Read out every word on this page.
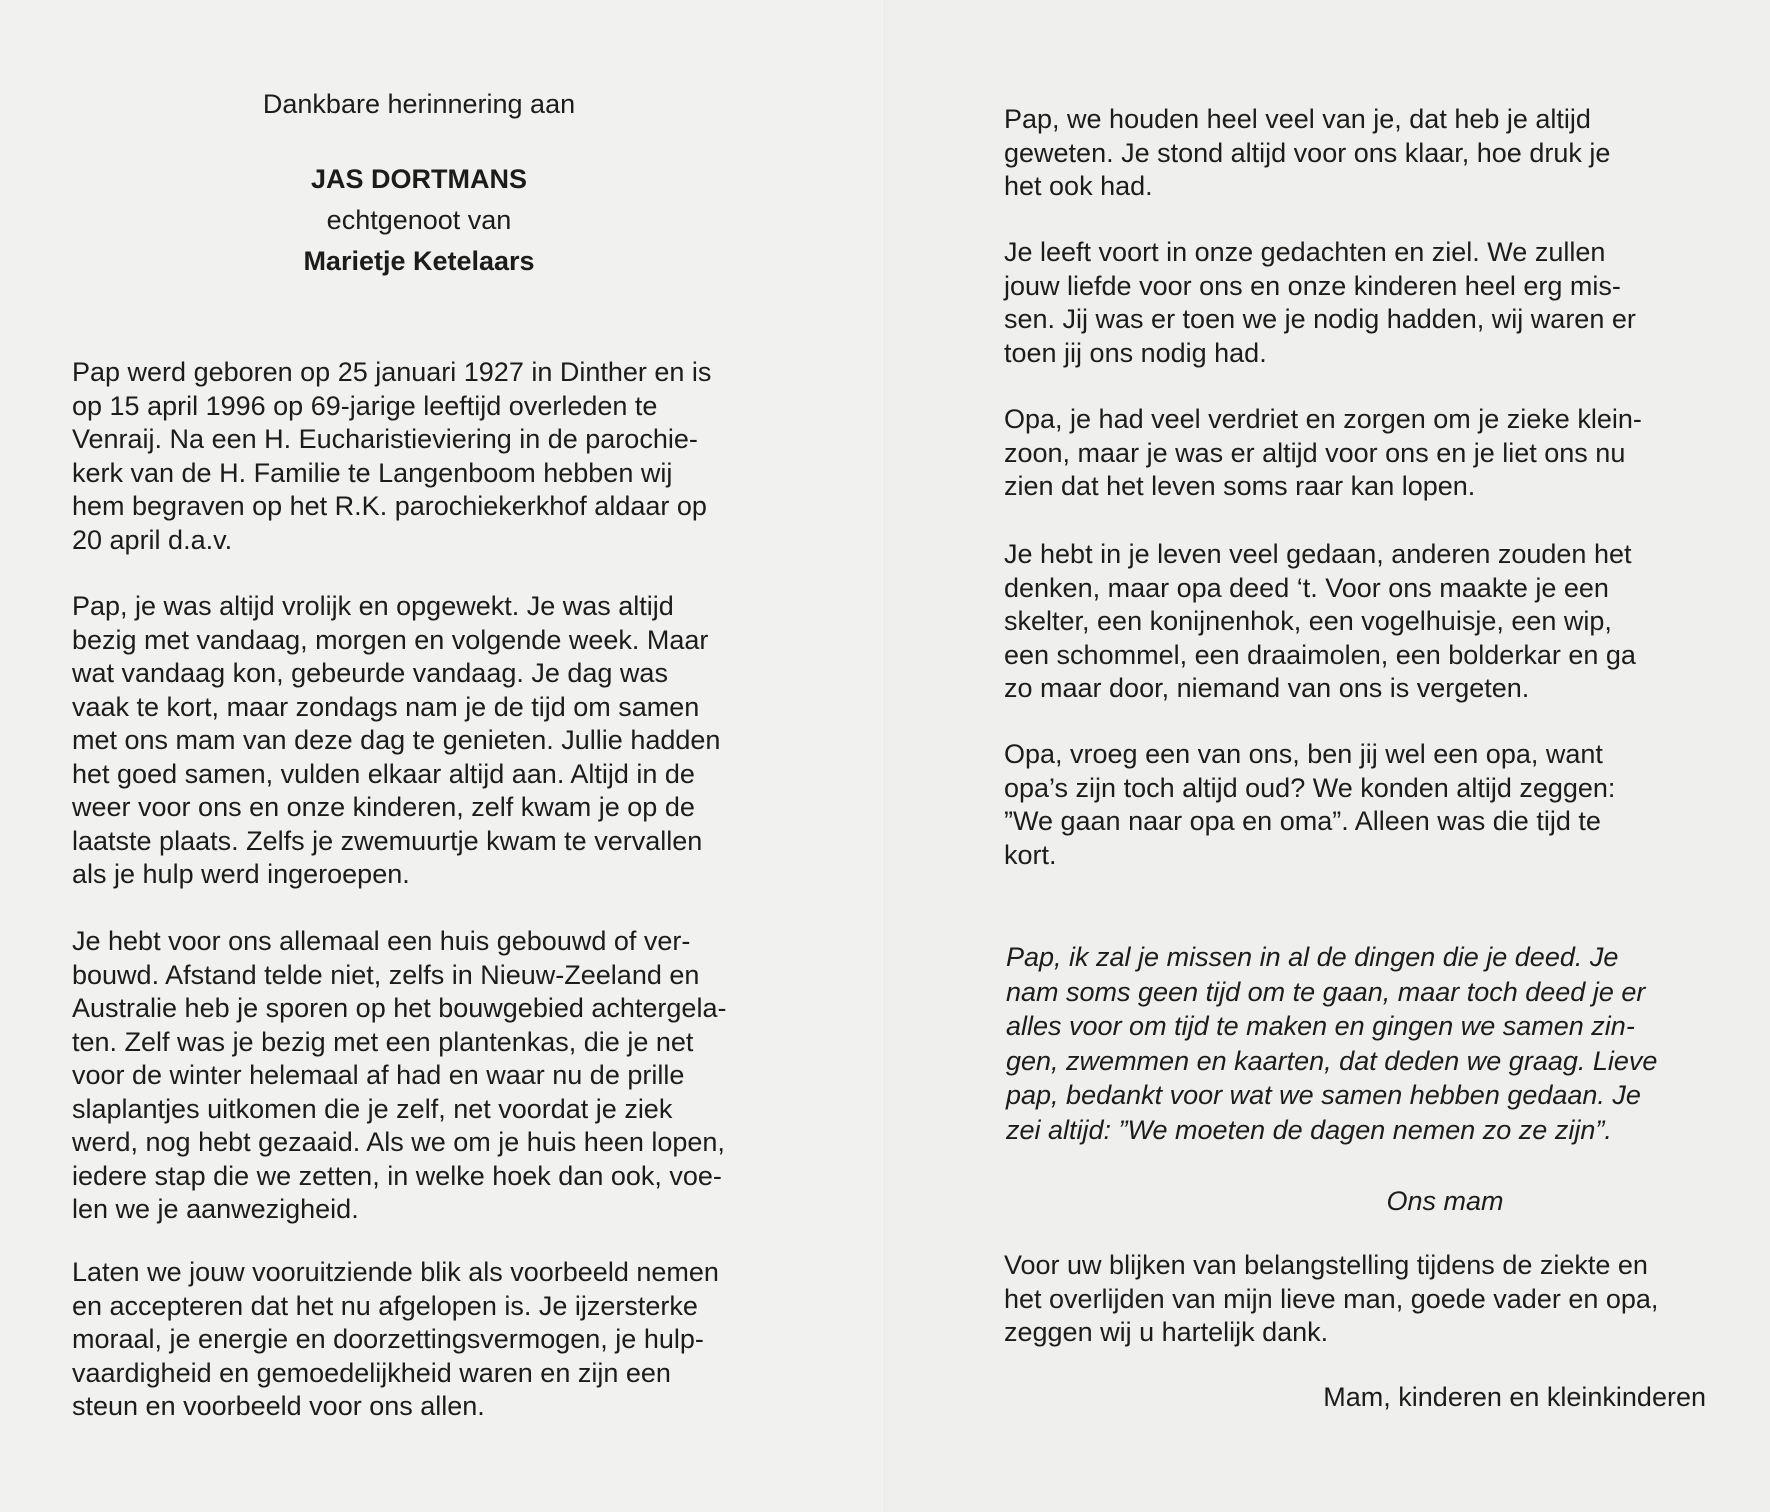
Dankbare herinnering aan
JAS DORTMANS
echtgenoot van
Marietje Ketelaars

Pap werd geboren op 25 januari 1927 in Dinther en is
op 15 april 1996 op 69-jarige leeftijd overleden te
Venraij. Na een H. Eucharistieviering in de parochie-
kerk van de H. Familie te Langenboom hebben wij
hem begraven op het R.K. parochiekerkhof aldaar op
20 april d.a.v.

Pap, je was altijd vrolijk en opgewekt. Je was altijd
bezig met vandaag, morgen en volgende week. Maar
wat vandaag kon, gebeurde vandaag. Je dag was
vaak te kort, maar zondags nam je de tijd om samen
met ons mam van deze dag te genieten. Jullie hadden
het goed samen, vulden elkaar altijd aan. Altijd in de
weer voor ons en onze kinderen, zelf kwam je op de
laatste plaats. Zelfs je zwemuurtje kwam te vervallen
als je hulp werd ingeroepen.

Je hebt voor ons allemaal een huis gebouwd of ver-
bouwd. Afstand telde niet, zelfs in Nieuw-Zeeland en
Australie heb je sporen op het bouwgebied achtergela-
ten. Zelf was je bezig met een plantenkas, die je net
voor de winter helemaal af had en waar nu de prille
slaplantjes uitkomen die je zelf, net voordat je ziek
werd, nog hebt gezaaid. Als we om je huis heen lopen,
iedere stap die we zetten, in welke hoek dan ook, voe-
len we je aanwezigheid.

Laten we jouw vooruitziende blik als voorbeeld nemen
en accepteren dat het nu afgelopen is. Je ijzersterke
moraal, je energie en doorzettingsvermogen, je hulp-
vaardigheid en gemoedelijkheid waren en zijn een
steun en voorbeeld voor ons allen.

Pap, we houden heel veel van je, dat heb je altijd
geweten. Je stond altijd voor ons klaar, hoe druk je
het ook had.

Je leeft voort in onze gedachten en ziel. We zullen
jouw liefde voor ons en onze kinderen heel erg mis-
sen. Jij was er toen we je nodig hadden, wij waren er
toen jij ons nodig had.

Opa, je had veel verdriet en zorgen om je zieke klein-
zoon, maar je was er altijd voor ons en je liet ons nu
zien dat het leven soms raar kan lopen.

Je hebt in je leven veel gedaan, anderen zouden het
denken, maar opa deed ‘t. Voor ons maakte je een
skelter, een konijnenhok, een vogelhuisje, een wip,
een schommel, een draaimolen, een bolderkar en ga
zo maar door, niemand van ons is vergeten.

Opa, vroeg een van ons, ben jij wel een opa, want
opa’s zijn toch altijd oud? We konden altijd zeggen:
”We gaan naar opa en oma”. Alleen was die tijd te
kort.

Pap, ik zal je missen in al de dingen die je deed. Je
nam soms geen tijd om te gaan, maar toch deed je er
alles voor om tijd te maken en gingen we samen zin-
gen, zwemmen en kaarten, dat deden we graag. Lieve
pap, bedankt voor wat we samen hebben gedaan. Je
zei altijd: ”We moeten de dagen nemen zo ze zijn”.

Ons mam

Voor uw blijken van belangstelling tijdens de ziekte en
het overlijden van mijn lieve man, goede vader en opa,
zeggen wij u hartelijk dank.

Mam, kinderen en kleinkinderen
